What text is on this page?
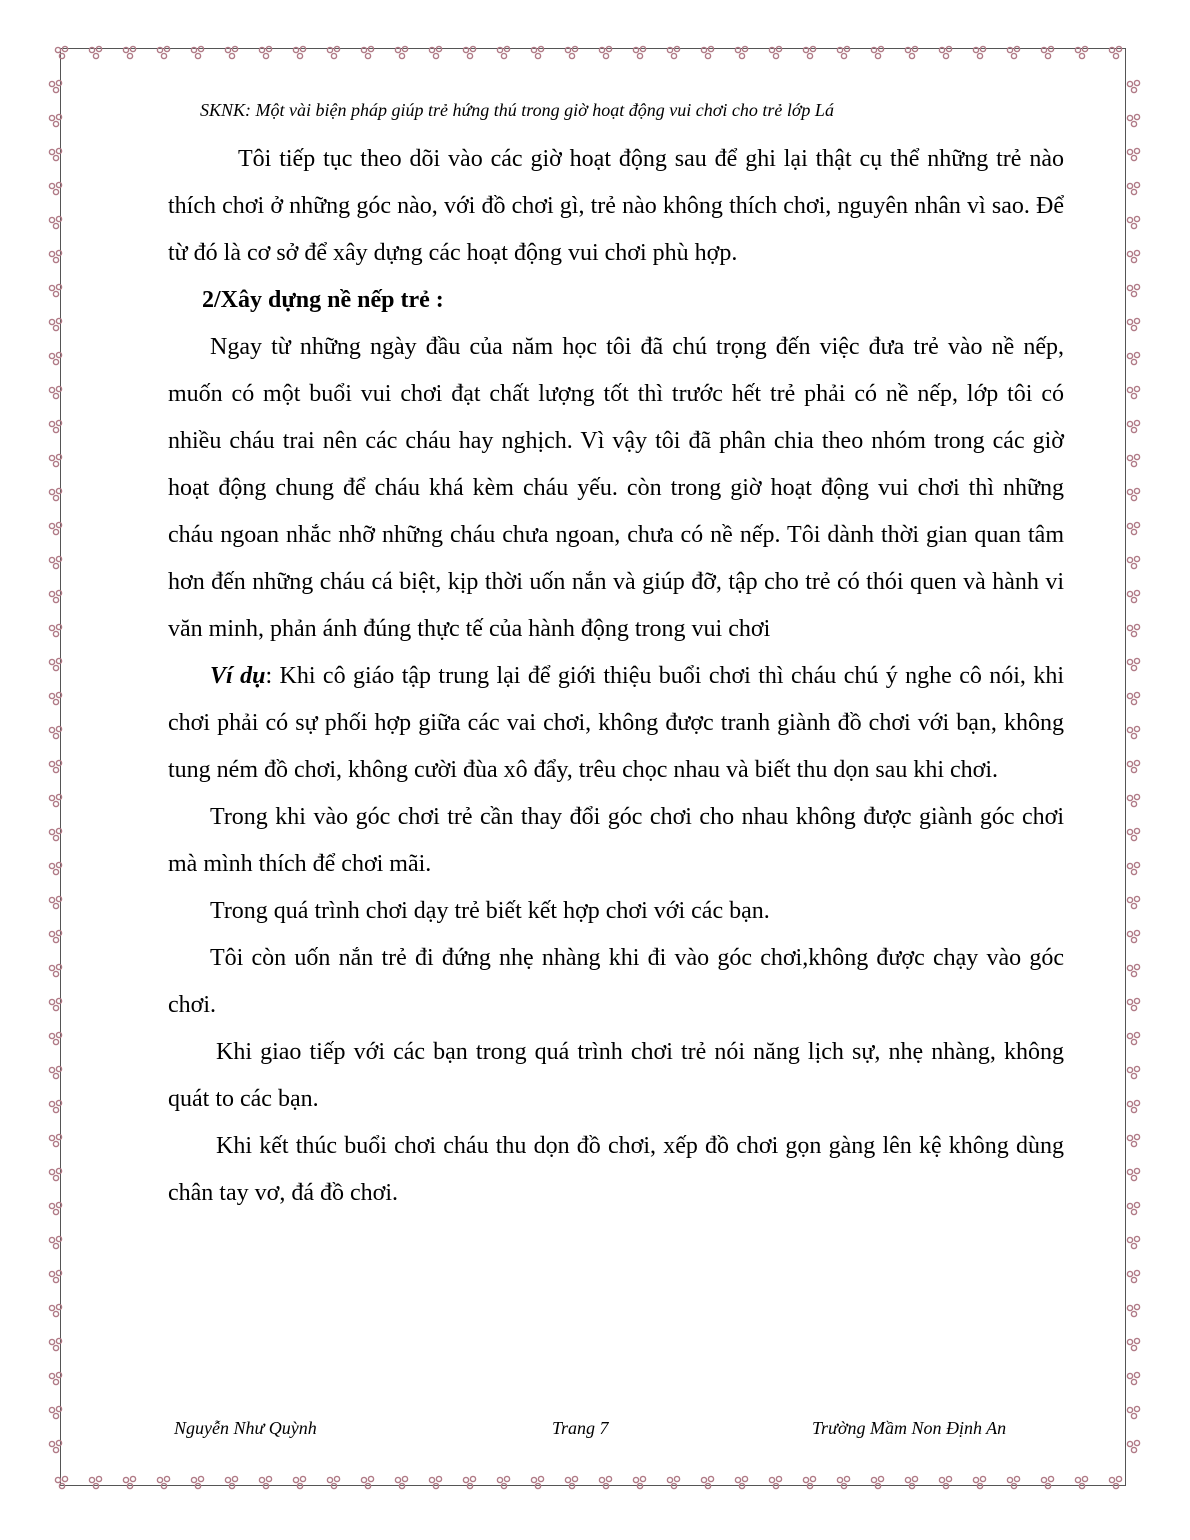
SKNK: Một vài biện pháp giúp trẻ hứng thú trong giờ hoạt động vui chơi cho trẻ lớp Lá

Tôi tiếp tục theo dõi vào các giờ hoạt động sau để ghi lại thật cụ thể những trẻ nào thích chơi ở những góc nào, với đồ chơi gì, trẻ nào không thích chơi, nguyên nhân vì sao. Để từ đó là cơ sở để xây dựng các hoạt động vui chơi phù hợp.

2/Xây dựng nề nếp trẻ :

Ngay từ những ngày đầu của năm học tôi đã chú trọng đến việc đưa trẻ vào nề nếp, muốn có một buổi vui chơi đạt chất lượng tốt thì trước hết trẻ phải có nề nếp, lớp tôi có nhiều cháu trai nên các cháu hay nghịch. Vì vậy tôi đã phân chia theo nhóm trong các giờ hoạt động chung để cháu khá kèm cháu yếu. còn trong giờ hoạt động vui chơi thì những cháu ngoan nhắc nhỡ những cháu chưa ngoan, chưa có nề nếp. Tôi dành thời gian quan tâm hơn đến những cháu cá biệt, kịp thời uốn nắn và giúp đỡ, tập cho trẻ có thói quen và hành vi văn minh, phản ánh đúng thực tế của hành động trong vui chơi

Ví dụ: Khi cô giáo tập trung lại để giới thiệu buổi chơi thì cháu chú ý nghe cô nói, khi chơi phải có sự phối hợp giữa các vai chơi, không được tranh giành đồ chơi với bạn, không tung ném đồ chơi, không cười đùa xô đẩy, trêu chọc nhau và biết thu dọn sau khi chơi.

Trong khi vào góc chơi trẻ cần thay đổi góc chơi cho nhau không được giành góc chơi mà mình thích để chơi mãi.

Trong quá trình chơi dạy trẻ biết kết hợp chơi với các bạn.

Tôi còn uốn nắn trẻ đi đứng nhẹ nhàng khi đi vào góc chơi,không được chạy vào góc chơi.

Khi giao tiếp với các bạn trong quá trình chơi trẻ nói năng lịch sự, nhẹ nhàng, không quát to các bạn.

Khi kết thúc buổi chơi cháu thu dọn đồ chơi, xếp đồ chơi gọn gàng lên kệ không dùng chân tay vơ, đá đồ chơi.

Nguyễn Như Quỳnh	Trang 7	Trường Mầm Non Định An
